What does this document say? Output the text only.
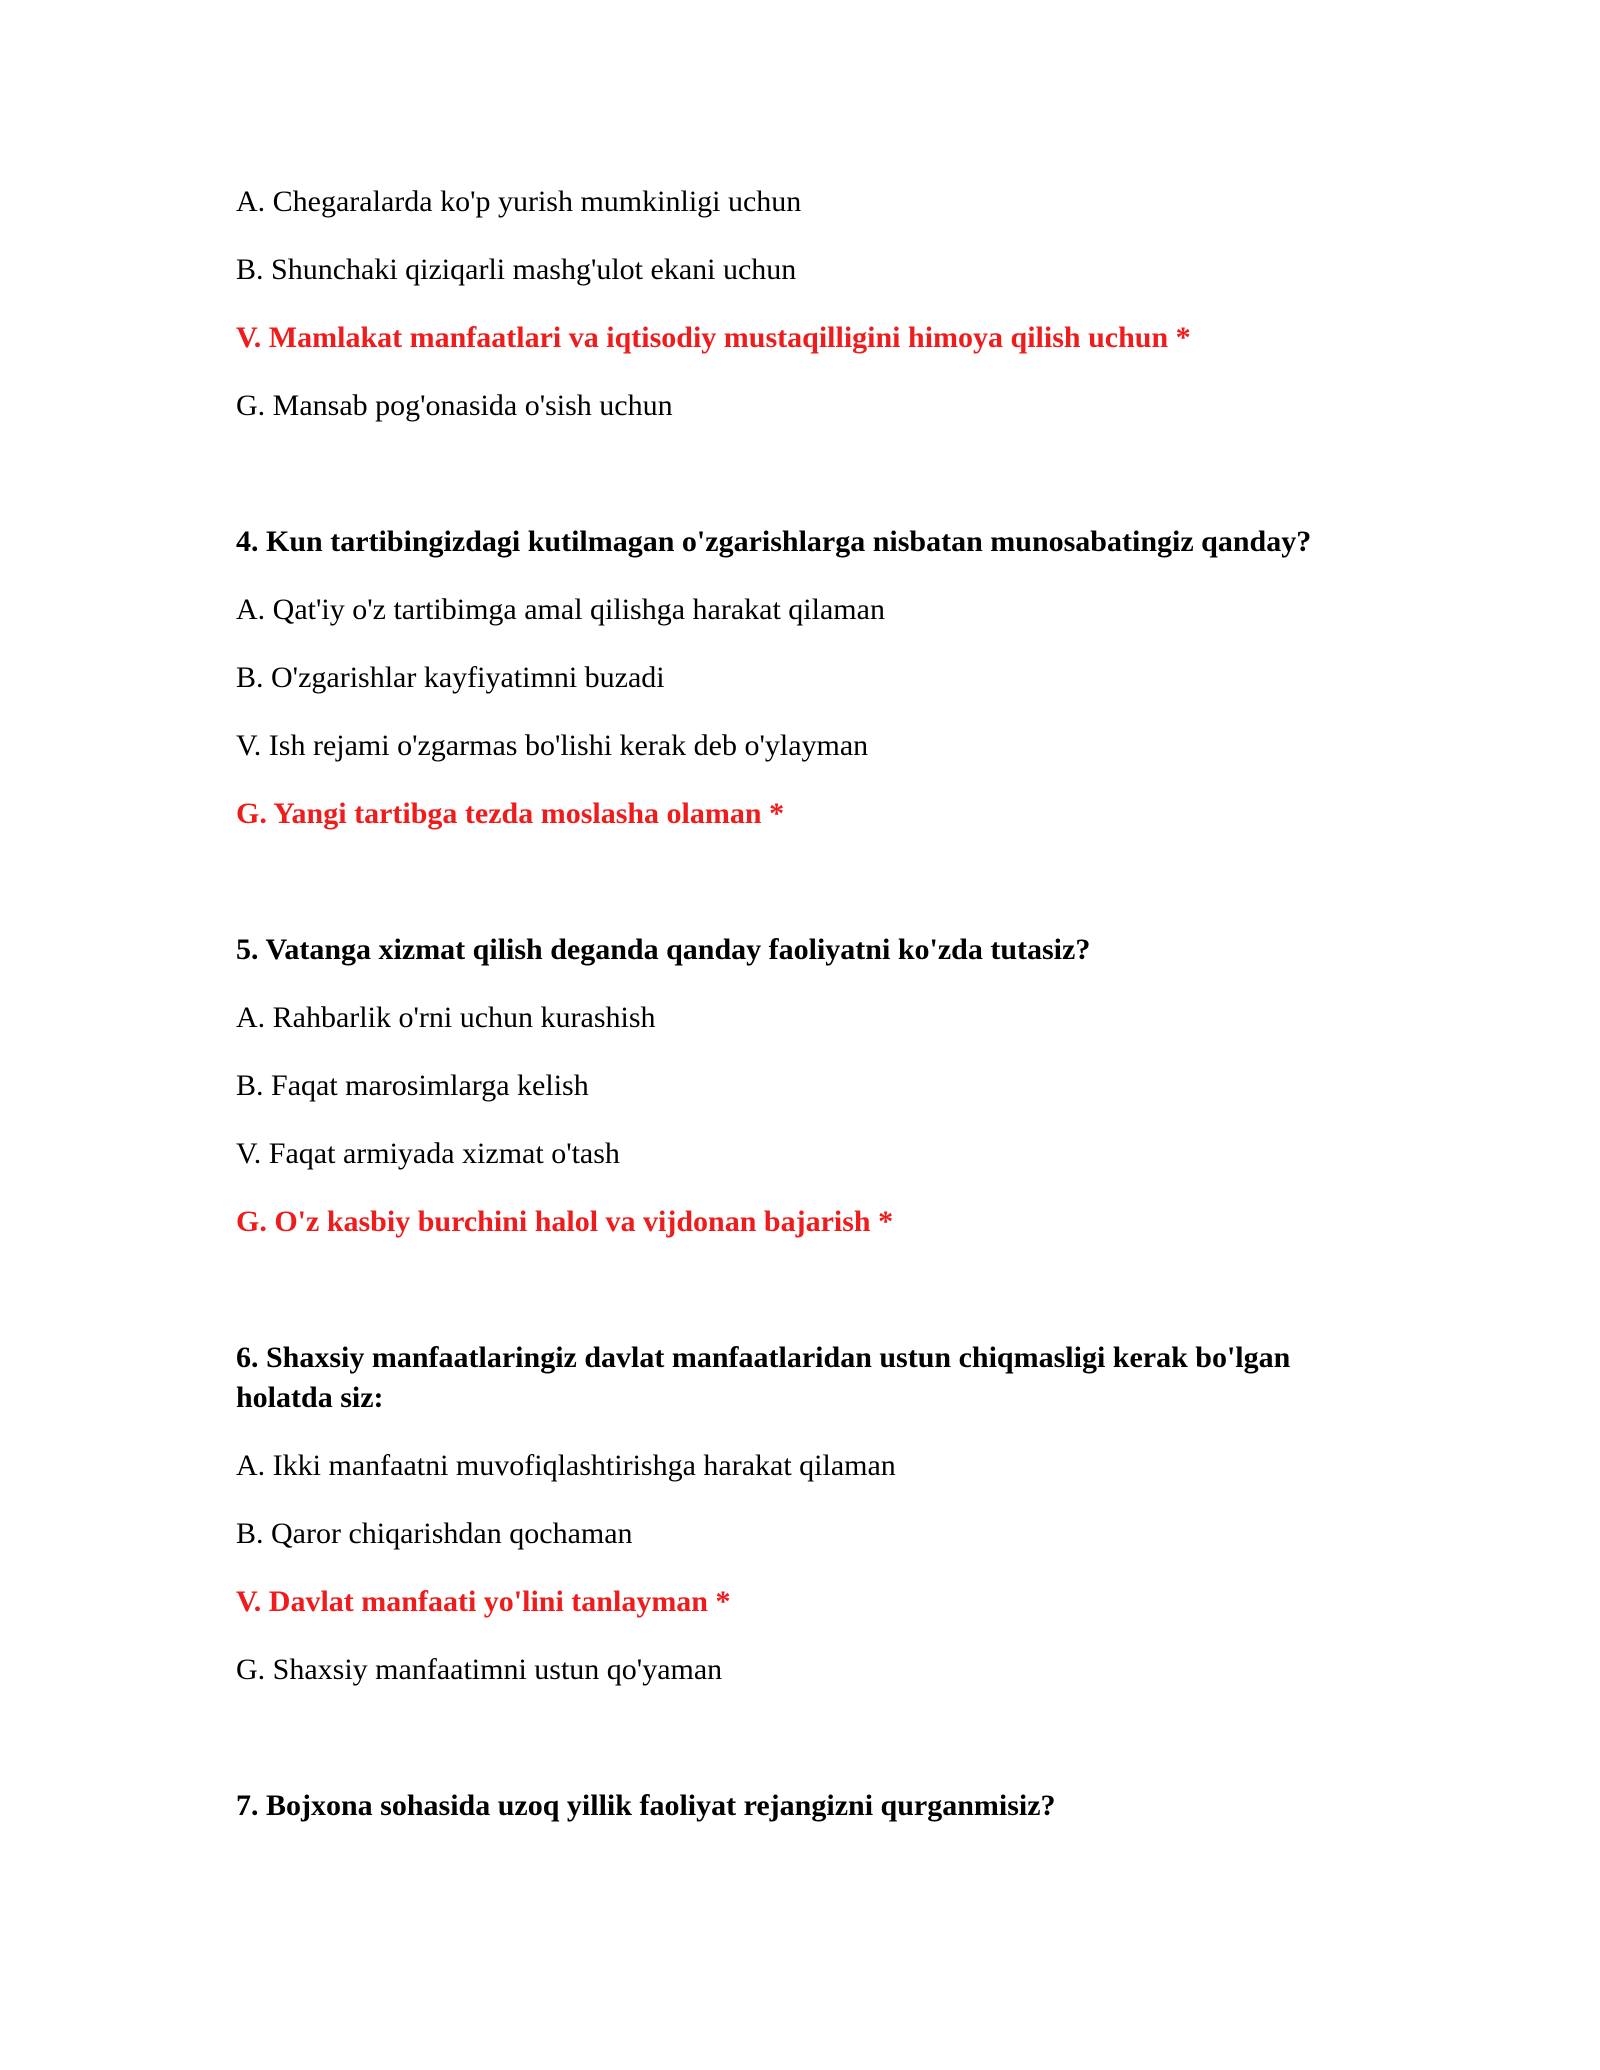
A. Chegaralarda ko'p yurish mumkinligi uchun

B. Shunchaki qiziqarli mashg'ulot ekani uchun

V. Mamlakat manfaatlari va iqtisodiy mustaqilligini himoya qilish uchun *

G. Mansab pog'onasida o'sish uchun

4. Kun tartibingizdagi kutilmagan o'zgarishlarga nisbatan munosabatingiz qanday?

A. Qat'iy o'z tartibimga amal qilishga harakat qilaman

B. O'zgarishlar kayfiyatimni buzadi

V. Ish rejami o'zgarmas bo'lishi kerak deb o'ylayman

G. Yangi tartibga tezda moslasha olaman *

5. Vatanga xizmat qilish deganda qanday faoliyatni ko'zda tutasiz?

A. Rahbarlik o'rni uchun kurashish

B. Faqat marosimlarga kelish

V. Faqat armiyada xizmat o'tash

G. O'z kasbiy burchini halol va vijdonan bajarish *

6. Shaxsiy manfaatlaringiz davlat manfaatlaridan ustun chiqmasligi kerak bo'lgan holatda siz:

A. Ikki manfaatni muvofiqlashtirishga harakat qilaman

B. Qaror chiqarishdan qochaman

V. Davlat manfaati yo'lini tanlayman *

G. Shaxsiy manfaatimni ustun qo'yaman

7. Bojxona sohasida uzoq yillik faoliyat rejangizni qurganmisiz?
